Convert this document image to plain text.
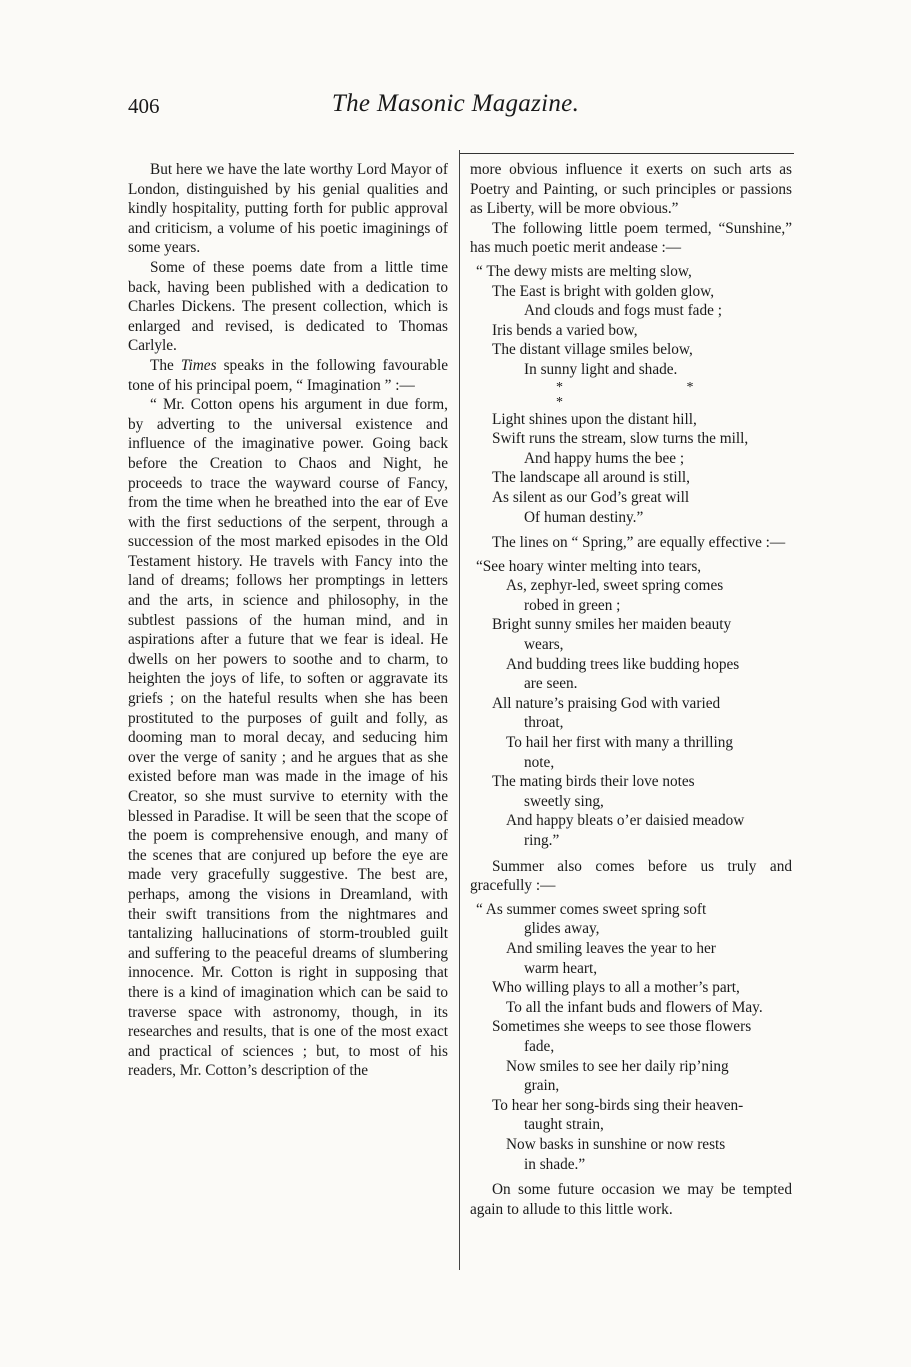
406	The Masonic Magazine.

But here we have the late worthy Lord Mayor of London, distinguished by his genial qualities and kindly hospitality, putting forth for public approval and criticism, a volume of his poetic imaginings of some years.

Some of these poems date from a little time back, having been published with a dedication to Charles Dickens. The present collection, which is enlarged and revised, is dedicated to Thomas Carlyle.

The Times speaks in the following favourable tone of his principal poem, “ Imagination ” :—

“ Mr. Cotton opens his argument in due form, by adverting to the universal existence and influence of the imaginative power. Going back before the Creation to Chaos and Night, he proceeds to trace the wayward course of Fancy, from the time when he breathed into the ear of Eve with the first seductions of the serpent, through a succession of the most marked episodes in the Old Testament history. He travels with Fancy into the land of dreams; follows her promptings in letters and the arts, in science and philosophy, in the subtlest passions of the human mind, and in aspirations after a future that we fear is ideal. He dwells on her powers to soothe and to charm, to heighten the joys of life, to soften or aggravate its griefs ; on the hateful results when she has been prostituted to the purposes of guilt and folly, as dooming man to moral decay, and seducing him over the verge of sanity ; and he argues that as she existed before man was made in the image of his Creator, so she must survive to eternity with the blessed in Paradise. It will be seen that the scope of the poem is comprehensive enough, and many of the scenes that are conjured up before the eye are made very gracefully suggestive. The best are, perhaps, among the visions in Dreamland, with their swift transitions from the nightmares and tantalizing hallucinations of storm-troubled guilt and suffering to the peaceful dreams of slumbering innocence. Mr. Cotton is right in supposing that there is a kind of imagination which can be said to traverse space with astronomy, though, in its researches and results, that is one of the most exact and practical of sciences ; but, to most of his readers, Mr. Cotton’s description of the

more obvious influence it exerts on such arts as Poetry and Painting, or such principles or passions as Liberty, will be more obvious.”

The following little poem termed, “Sunshine,” has much poetic merit andease :—

“ The dewy mists are melting slow,
The East is bright with golden glow,
And clouds and fogs must fade ;
Iris bends a varied bow,
The distant village smiles below,
In sunny light and shade.
* * *
Light shines upon the distant hill,
Swift runs the stream, slow turns the mill,
And happy hums the bee ;
The landscape all around is still,
As silent as our God’s great will
Of human destiny.”

The lines on “ Spring,” are equally effective :—

“See hoary winter melting into tears,
As, zephyr-led, sweet spring comes
robed in green ;
Bright sunny smiles her maiden beauty
wears,
And budding trees like budding hopes
are seen.
All nature’s praising God with varied
throat,
To hail her first with many a thrilling
note,
The mating birds their love notes
sweetly sing,
And happy bleats o’er daisied meadow
ring.”

Summer also comes before us truly and gracefully :—

“ As summer comes sweet spring soft
glides away,
And smiling leaves the year to her
warm heart,
Who willing plays to all a mother’s part,
To all the infant buds and flowers of May.
Sometimes she weeps to see those flowers
fade,
Now smiles to see her daily rip’ning
grain,
To hear her song-birds sing their heaven-
taught strain,
Now basks in sunshine or now rests
in shade.”

On some future occasion we may be tempted again to allude to this little work.
